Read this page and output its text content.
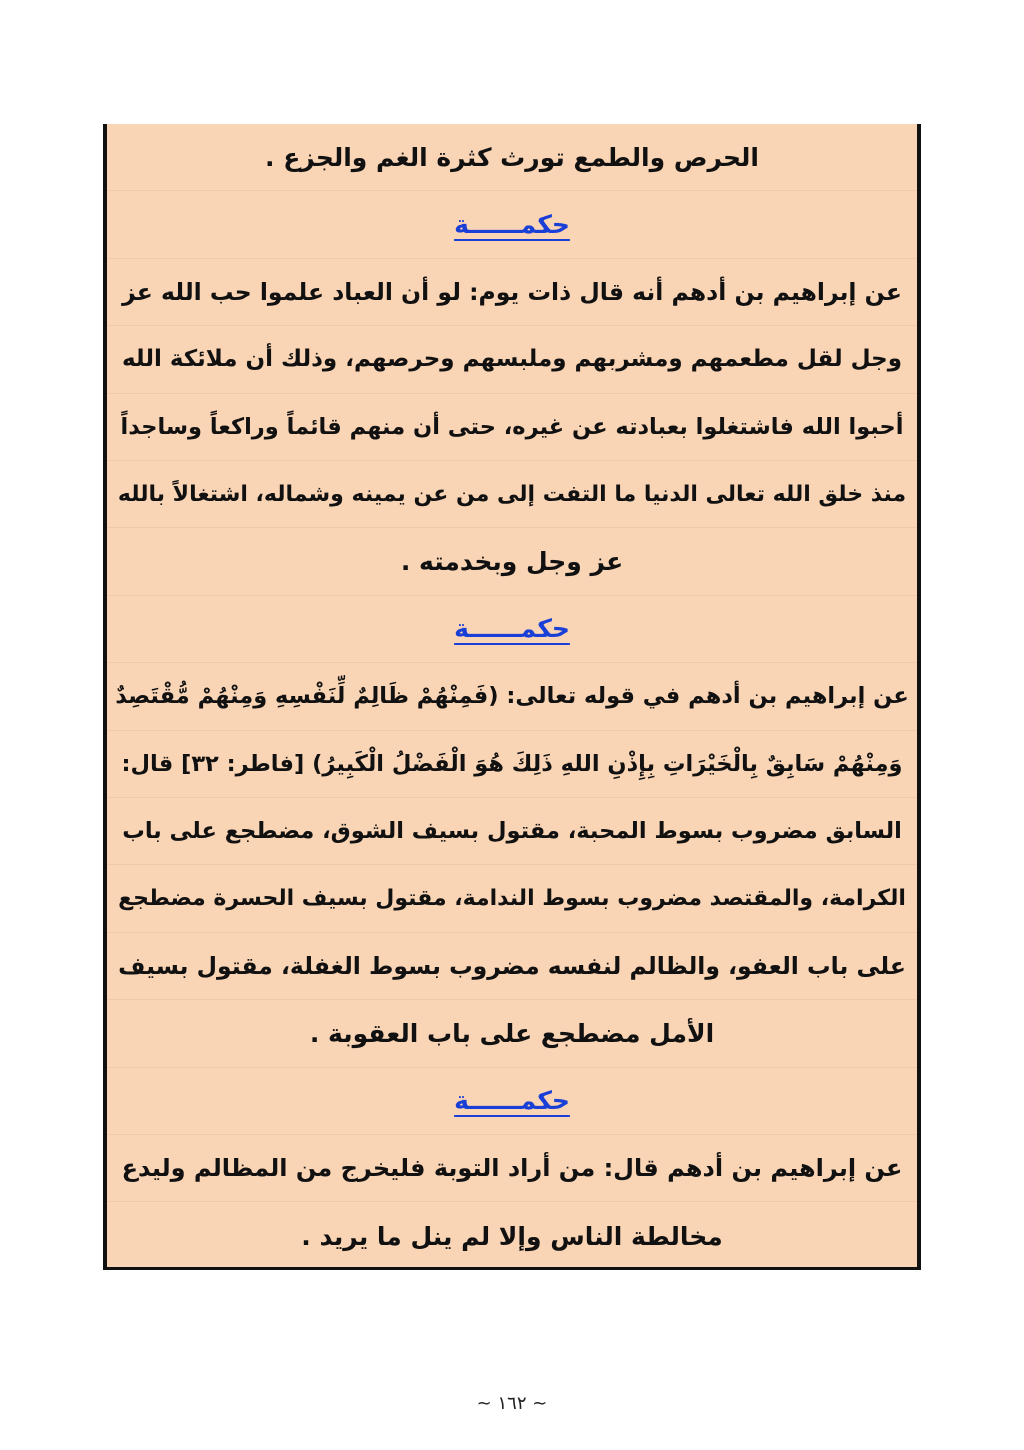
الحرص والطمع تورث كثرة الغم والجزع .
حكمــــــة
عن إبراهيم بن أدهم أنه قال ذات يوم: لو أن العباد علموا حب الله عز
وجل لقل مطعمهم ومشربهم وملبسهم وحرصهم، وذلك أن ملائكة الله
أحبوا الله فاشتغلوا بعبادته عن غيره، حتى أن منهم قائماً وراكعاً وساجداً
منذ خلق الله تعالى الدنيا ما التفت إلى من عن يمينه وشماله، اشتغالاً بالله
عز وجل وبخدمته .
حكمــــــة
عن إبراهيم بن أدهم في قوله تعالى: (فَمِنْهُمْ ظَالِمٌ لِّنَفْسِهِ وَمِنْهُمْ مُّقْتَصِدٌ
وَمِنْهُمْ سَابِقٌ بِالْخَيْرَاتِ بِإِذْنِ اللهِ ذَلِكَ هُوَ الْفَضْلُ الْكَبِيرُ) [فاطر: ٣٢] قال:
السابق مضروب بسوط المحبة، مقتول بسيف الشوق، مضطجع على باب
الكرامة، والمقتصد مضروب بسوط الندامة، مقتول بسيف الحسرة مضطجع
على باب العفو، والظالم لنفسه مضروب بسوط الغفلة، مقتول بسيف
الأمل مضطجع على باب العقوبة .
حكمــــــة
عن إبراهيم بن أدهم قال: من أراد التوبة فليخرج من المظالم وليدع
مخالطة الناس وإلا لم ينل ما يريد .
~ ١٦٢ ~
